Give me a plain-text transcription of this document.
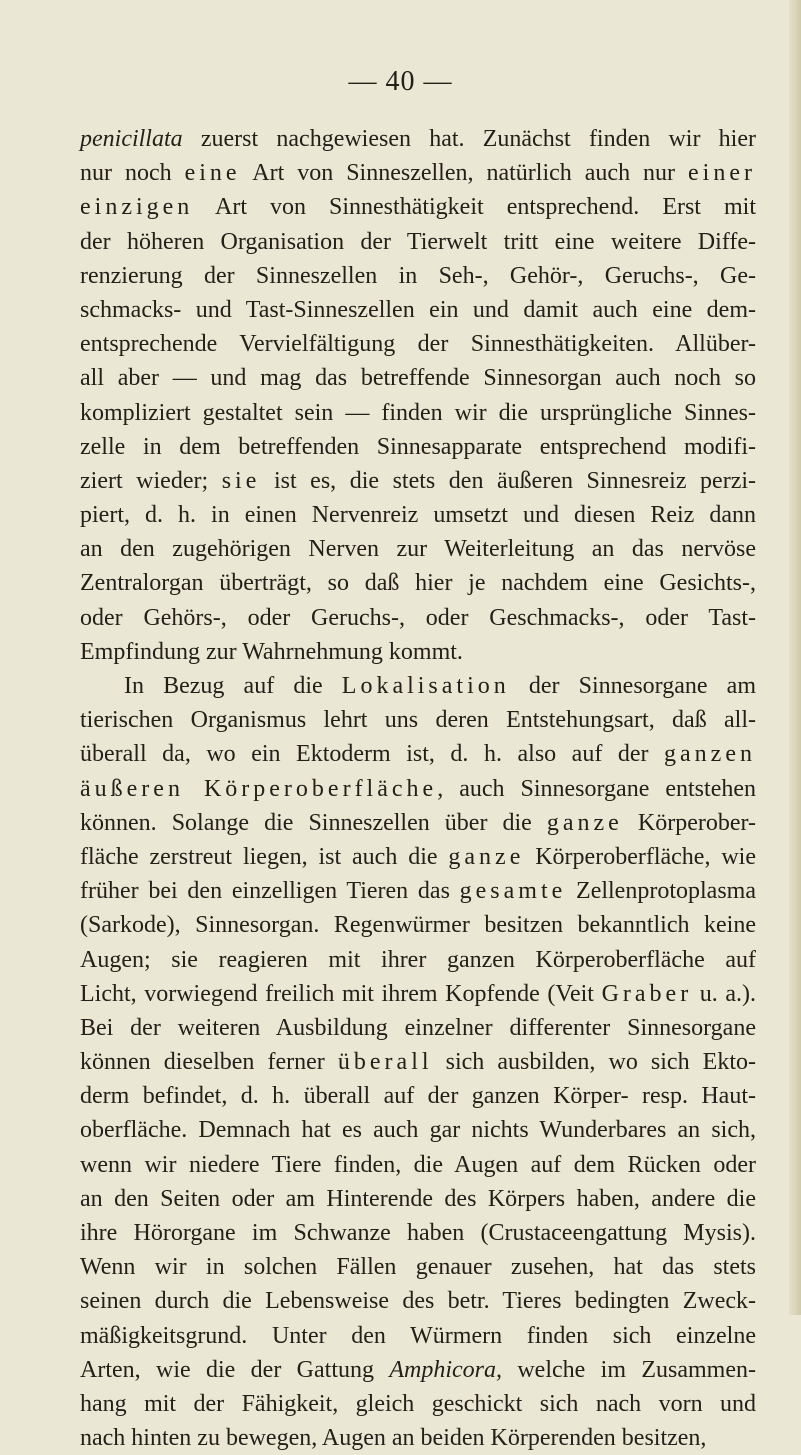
— 40 —
penicillata zuerst nachgewiesen hat. Zunächst finden wir hier
nur noch eine Art von Sinneszellen, natürlich auch nur einer
einzigen Art von Sinnesthätigkeit entsprechend. Erst mit
der höheren Organisation der Tierwelt tritt eine weitere Diffe-
renzierung der Sinneszellen in Seh-, Gehör-, Geruchs-, Ge-
schmacks- und Tast-Sinneszellen ein und damit auch eine dem-
entsprechende Vervielfältigung der Sinnesthätigkeiten. Allüber-
all aber — und mag das betreffende Sinnesorgan auch noch so
kompliziert gestaltet sein — finden wir die ursprüngliche Sinnes-
zelle in dem betreffenden Sinnesapparate entsprechend modifi-
ziert wieder; sie ist es, die stets den äußeren Sinnesreiz perzi-
piert, d. h. in einen Nervenreiz umsetzt und diesen Reiz dann
an den zugehörigen Nerven zur Weiterleitung an das nervöse
Zentralorgan überträgt, so daß hier je nachdem eine Gesichts-,
oder Gehörs-, oder Geruchs-, oder Geschmacks-, oder Tast-
Empfindung zur Wahrnehmung kommt.
In Bezug auf die Lokalisation der Sinnesorgane am
tierischen Organismus lehrt uns deren Entstehungsart, daß all-
überall da, wo ein Ektoderm ist, d. h. also auf der ganzen
äußeren Körperoberfläche, auch Sinnesorgane entstehen
können. Solange die Sinneszellen über die ganze Körperober-
fläche zerstreut liegen, ist auch die ganze Körperoberfläche, wie
früher bei den einzelligen Tieren das gesamte Zellenprotoplasma
(Sarkode), Sinnesorgan. Regenwürmer besitzen bekanntlich keine
Augen; sie reagieren mit ihrer ganzen Körperoberfläche auf
Licht, vorwiegend freilich mit ihrem Kopfende (Veit Graber u. a.).
Bei der weiteren Ausbildung einzelner differenter Sinnesorgane
können dieselben ferner überall sich ausbilden, wo sich Ekto-
derm befindet, d. h. überall auf der ganzen Körper- resp. Haut-
oberfläche. Demnach hat es auch gar nichts Wunderbares an sich,
wenn wir niedere Tiere finden, die Augen auf dem Rücken oder
an den Seiten oder am Hinterende des Körpers haben, andere die
ihre Hörorgane im Schwanze haben (Crustaceengattung Mysis).
Wenn wir in solchen Fällen genauer zusehen, hat das stets
seinen durch die Lebensweise des betr. Tieres bedingten Zweck-
mäßigkeitsgrund. Unter den Würmern finden sich einzelne
Arten, wie die der Gattung Amphicora, welche im Zusammen-
hang mit der Fähigkeit, gleich geschickt sich nach vorn und
nach hinten zu bewegen, Augen an beiden Körperenden besitzen,
